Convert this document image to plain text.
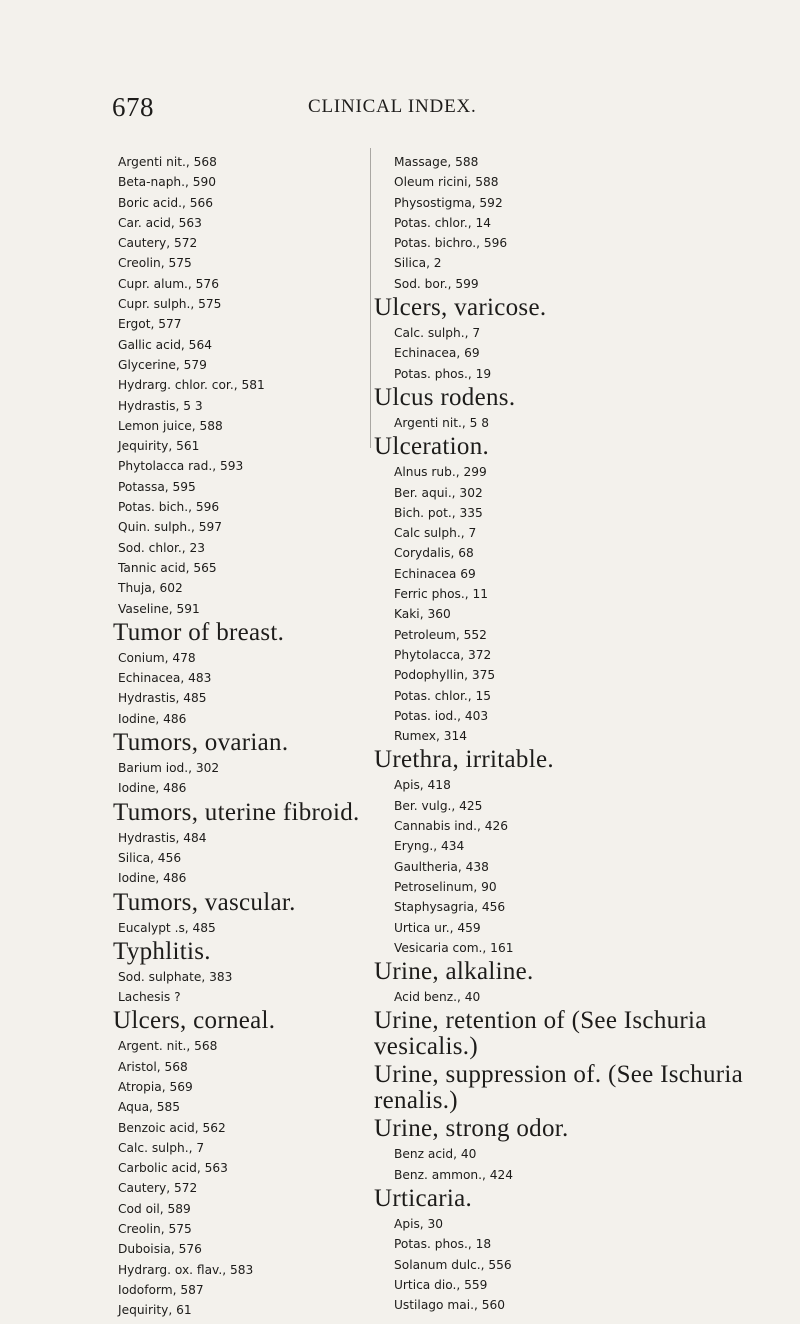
678	CLINICAL INDEX.
Argenti nit., 568
Beta-naph., 590
Boric acid., 566
Car. acid, 563
Cautery, 572
Creolin, 575
Cupr. alum., 576
Cupr. sulph., 575
Ergot, 577
Gallic acid, 564
Glycerine, 579
Hydrarg. chlor. cor., 581
Hydrastis, 5 3
Lemon juice, 588
Jequirity, 561
Phytolacca rad., 593
Potassa, 595
Potas. bich., 596
Quin. sulph., 597
Sod. chlor., 23
Tannic acid, 565
Thuja, 602
Vaseline, 591
Tumor of breast.
Conium, 478
Echinacea, 483
Hydrastis, 485
Iodine, 486
Tumors, ovarian.
Barium iod., 302
Iodine, 486
Tumors, uterine fibroid.
Hydrastis, 484
Silica, 456
Iodine, 486
Tumors, vascular.
Eucalypt .s, 485
Typhlitis.
Sod. sulphate, 383
Lachesis ?
Ulcers, corneal.
Argent. nit., 568
Aristol, 568
Atropia, 569
Aqua, 585
Benzoic acid, 562
Calc. sulph., 7
Carbolic acid, 563
Cautery, 572
Cod oil, 589
Creolin, 575
Duboisia, 576
Hydrarg. ox. flav., 583
Iodoform, 587
Jequirity, 61
Massage, 588
Oleum ricini, 588
Physostigma, 592
Potas. chlor., 14
Potas. bichro., 596
Silica, 2
Sod. bor., 599
Ulcers, varicose.
Calc. sulph., 7
Echinacea, 69
Potas. phos., 19
Ulcus rodens.
Argenti nit., 5 8
Ulceration.
Alnus rub., 299
Ber. aqui., 302
Bich. pot., 335
Calc sulph., 7
Corydalis, 68
Echinacea 69
Ferric phos., 11
Kaki, 360
Petroleum, 552
Phytolacca, 372
Podophyllin, 375
Potas. chlor., 15
Potas. iod., 403
Rumex, 314
Urethra, irritable.
Apis, 418
Ber. vulg., 425
Cannabis ind., 426
Eryng., 434
Gaultheria, 438
Petroselinum, 90
Staphysagria, 456
Urtica ur., 459
Vesicaria com., 161
Urine, alkaline.
Acid benz., 40
Urine, retention of (See Ischuria vesicalis.)
Urine, suppression of. (See Ischuria renalis.)
Urine, strong odor.
Benz acid, 40
Benz. ammon., 424
Urticaria.
Apis, 30
Potas. phos., 18
Solanum dulc., 556
Urtica dio., 559
Ustilago mai., 560
